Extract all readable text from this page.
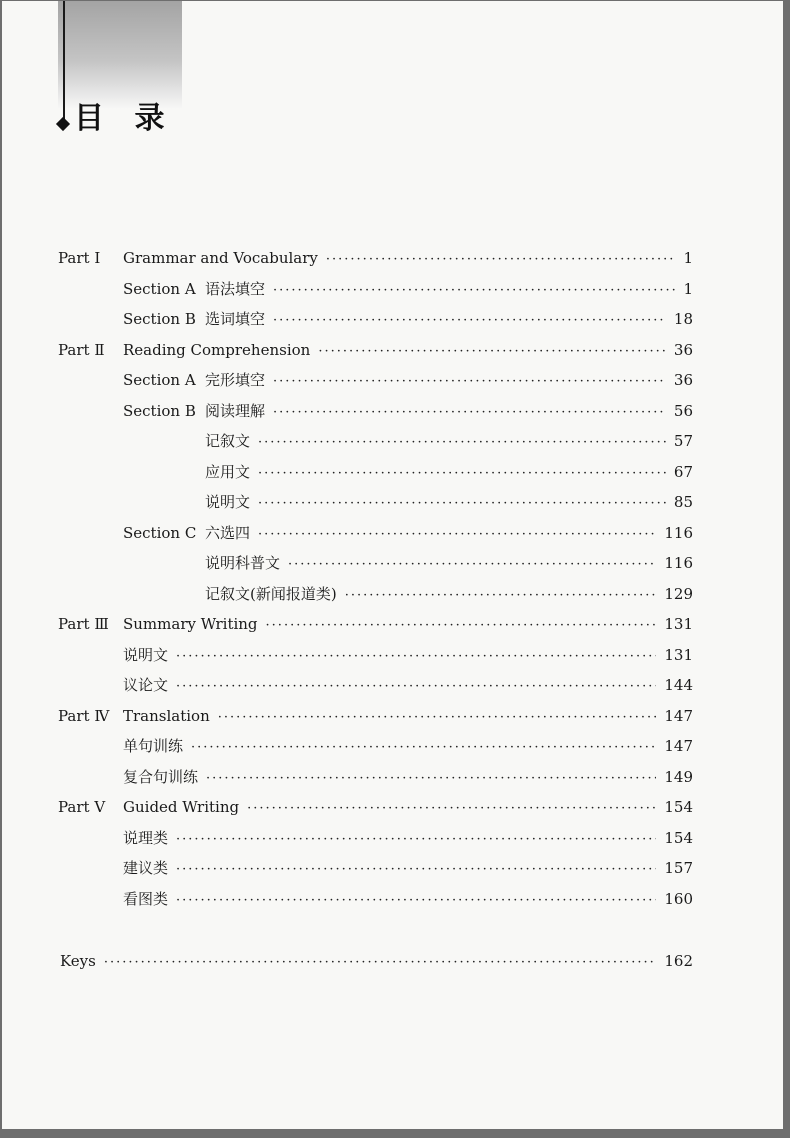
目 录
Part Ⅰ Grammar and Vocabulary ·····	1
Section A 语法填空 ·····	1
Section B 选词填空 ·····	18
Part Ⅱ Reading Comprehension ·····	36
Section A 完形填空 ·····	36
Section B 阅读理解 ·····	56
记叙文 ·····	57
应用文 ·····	67
说明文 ·····	85
Section C 六选四 ·····	116
说明科普文 ·····	116
记叙文(新闻报道类) ·····	129
Part Ⅲ Summary Writing ·····	131
说明文 ·····	131
议论文 ·····	144
Part Ⅳ Translation ·····	147
单句训练 ·····	147
复合句训练 ·····	149
Part Ⅴ Guided Writing ·····	154
说理类 ·····	154
建议类 ·····	157
看图类 ·····	160
Keys ·····	162
